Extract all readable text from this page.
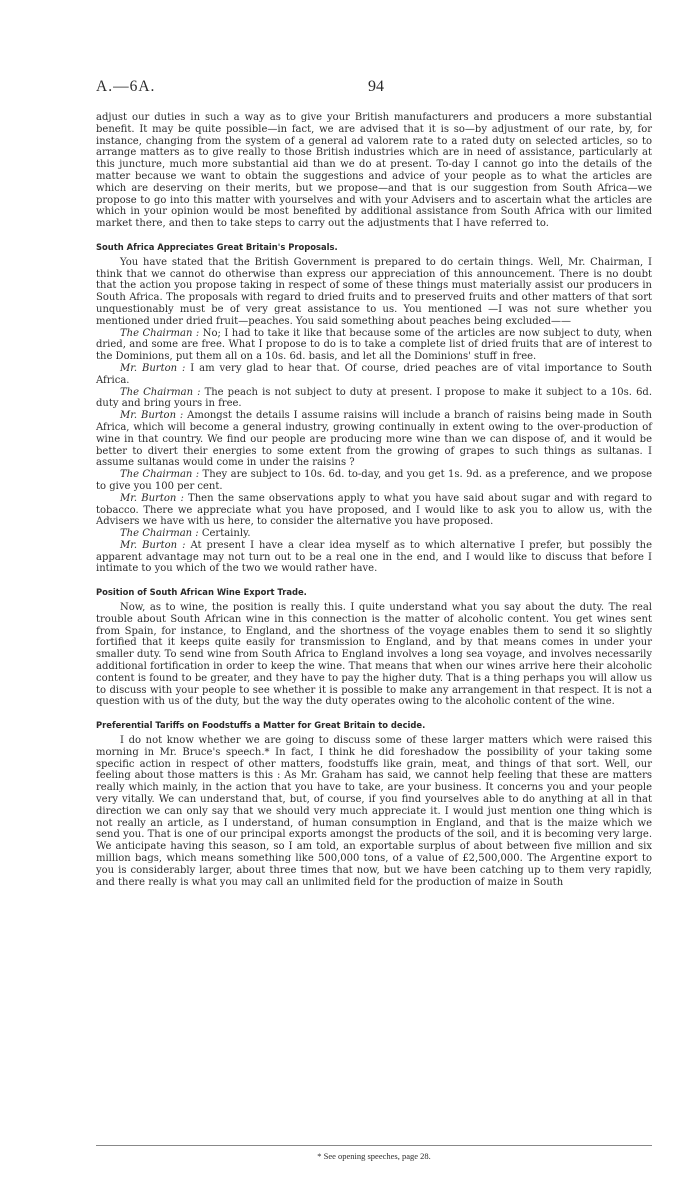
A.—6A.	94

adjust our duties in such a way as to give your British manufacturers and producers a more substantial benefit. It may be quite possible—in fact, we are advised that it is so—by adjustment of our rate, by, for instance, changing from the system of a general ad valorem rate to a rated duty on selected articles, so to arrange matters as to give really to those British industries which are in need of assistance, particularly at this juncture, much more substantial aid than we do at present. To-day I cannot go into the details of the matter because we want to obtain the suggestions and advice of your people as to what the articles are which are deserving on their merits, but we propose—and that is our suggestion from South Africa—we propose to go into this matter with yourselves and with your Advisers and to ascertain what the articles are which in your opinion would be most benefited by additional assistance from South Africa with our limited market there, and then to take steps to carry out the adjustments that I have referred to.

South Africa Appreciates Great Britain's Proposals.

You have stated that the British Government is prepared to do certain things. Well, Mr. Chairman, I think that we cannot do otherwise than express our appreciation of this announcement. There is no doubt that the action you propose taking in respect of some of these things must materially assist our producers in South Africa. The proposals with regard to dried fruits and to preserved fruits and other matters of that sort unquestionably must be of very great assistance to us. You mentioned —I was not sure whether you mentioned under dried fruit—peaches. You said something about peaches being excluded——

The Chairman : No; I had to take it like that because some of the articles are now subject to duty, when dried, and some are free. What I propose to do is to take a complete list of dried fruits that are of interest to the Dominions, put them all on a 10s. 6d. basis, and let all the Dominions' stuff in free.

Mr. Burton : I am very glad to hear that. Of course, dried peaches are of vital importance to South Africa.

The Chairman : The peach is not subject to duty at present. I propose to make it subject to a 10s. 6d. duty and bring yours in free.

Mr. Burton : Amongst the details I assume raisins will include a branch of raisins being made in South Africa, which will become a general industry, growing continually in extent owing to the over-production of wine in that country. We find our people are producing more wine than we can dispose of, and it would be better to divert their energies to some extent from the growing of grapes to such things as sultanas. I assume sultanas would come in under the raisins ?

The Chairman : They are subject to 10s. 6d. to-day, and you get 1s. 9d. as a preference, and we propose to give you 100 per cent.

Mr. Burton : Then the same observations apply to what you have said about sugar and with regard to tobacco. There we appreciate what you have proposed, and I would like to ask you to allow us, with the Advisers we have with us here, to consider the alternative you have proposed.

The Chairman : Certainly.

Mr. Burton : At present I have a clear idea myself as to which alternative I prefer, but possibly the apparent advantage may not turn out to be a real one in the end, and I would like to discuss that before I intimate to you which of the two we would rather have.

Position of South African Wine Export Trade.

Now, as to wine, the position is really this. I quite understand what you say about the duty. The real trouble about South African wine in this connection is the matter of alcoholic content. You get wines sent from Spain, for instance, to England, and the shortness of the voyage enables them to send it so slightly fortified that it keeps quite easily for transmission to England, and by that means comes in under your smaller duty. To send wine from South Africa to England involves a long sea voyage, and involves necessarily additional fortification in order to keep the wine. That means that when our wines arrive here their alcoholic content is found to be greater, and they have to pay the higher duty. That is a thing perhaps you will allow us to discuss with your people to see whether it is possible to make any arrangement in that respect. It is not a question with us of the duty, but the way the duty operates owing to the alcoholic content of the wine.

Preferential Tariffs on Foodstuffs a Matter for Great Britain to decide.

I do not know whether we are going to discuss some of these larger matters which were raised this morning in Mr. Bruce's speech.* In fact, I think he did foreshadow the possibility of your taking some specific action in respect of other matters, foodstuffs like grain, meat, and things of that sort. Well, our feeling about those matters is this : As Mr. Graham has said, we cannot help feeling that these are matters really which mainly, in the action that you have to take, are your business. It concerns you and your people very vitally. We can understand that, but, of course, if you find yourselves able to do anything at all in that direction we can only say that we should very much appreciate it. I would just mention one thing which is not really an article, as I understand, of human consumption in England, and that is the maize which we send you. That is one of our principal exports amongst the products of the soil, and it is becoming very large. We anticipate having this season, so I am told, an exportable surplus of about between five million and six million bags, which means something like 500,000 tons, of a value of £2,500,000. The Argentine export to you is considerably larger, about three times that now, but we have been catching up to them very rapidly, and there really is what you may call an unlimited field for the production of maize in South

* See opening speeches, page 28.
